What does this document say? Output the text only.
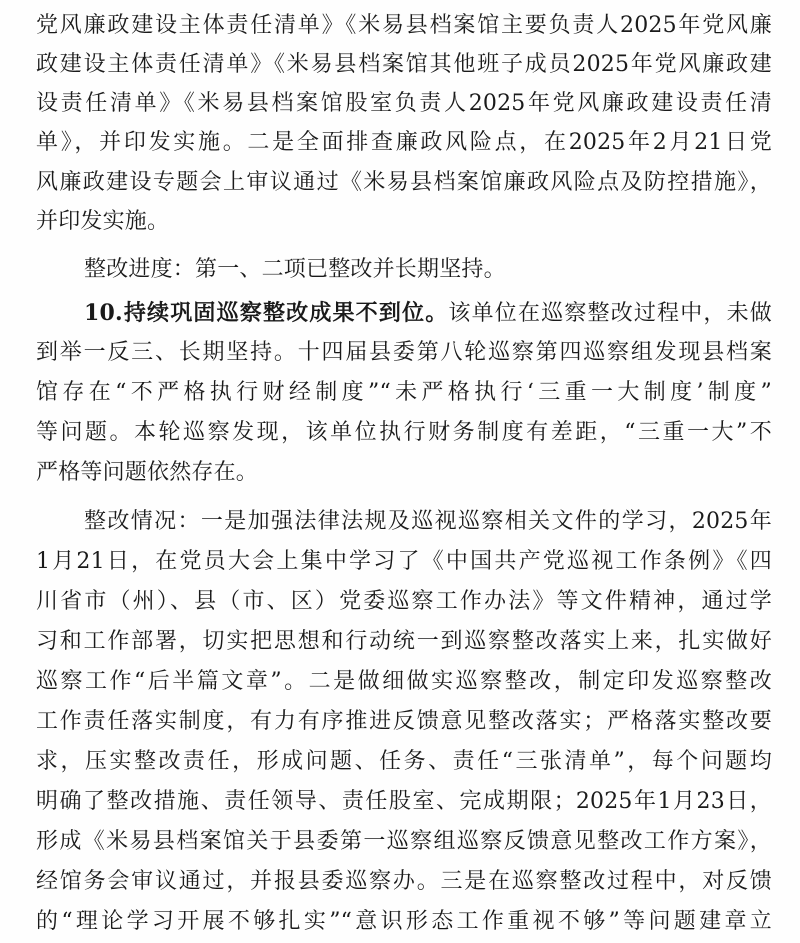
党风廉政建设主体责任清单》《米易县档案馆主要负责人2025年党风廉
政建设主体责任清单》《米易县档案馆其他班子成员2025年党风廉政建
设责任清单》《米易县档案馆股室负责人2025年党风廉政建设责任清
单》，并印发实施。二是全面排查廉政风险点，在2025年2月21日党
风廉政建设专题会上审议通过《米易县档案馆廉政风险点及防控措施》，
并印发实施。
整改进度：第一、二项已整改并长期坚持。
10.持续巩固巡察整改成果不到位。该单位在巡察整改过程中，未做
到举一反三、长期坚持。十四届县委第八轮巡察第四巡察组发现县档案
馆存在“不严格执行财经制度”“未严格执行‘三重一大制度’制度”
等问题。本轮巡察发现，该单位执行财务制度有差距，“三重一大”不
严格等问题依然存在。
整改情况：一是加强法律法规及巡视巡察相关文件的学习，2025年
1月21日，在党员大会上集中学习了《中国共产党巡视工作条例》《四
川省市（州）、县（市、区）党委巡察工作办法》等文件精神，通过学
习和工作部署，切实把思想和行动统一到巡察整改落实上来，扎实做好
巡察工作“后半篇文章”。二是做细做实巡察整改，制定印发巡察整改
工作责任落实制度，有力有序推进反馈意见整改落实；严格落实整改要
求，压实整改责任，形成问题、任务、责任“三张清单”，每个问题均
明确了整改措施、责任领导、责任股室、完成期限；2025年1月23日，
形成《米易县档案馆关于县委第一巡察组巡察反馈意见整改工作方案》，
经馆务会审议通过，并报县委巡察办。三是在巡察整改过程中，对反馈
的“理论学习开展不够扎实”“意识形态工作重视不够”等问题建章立
